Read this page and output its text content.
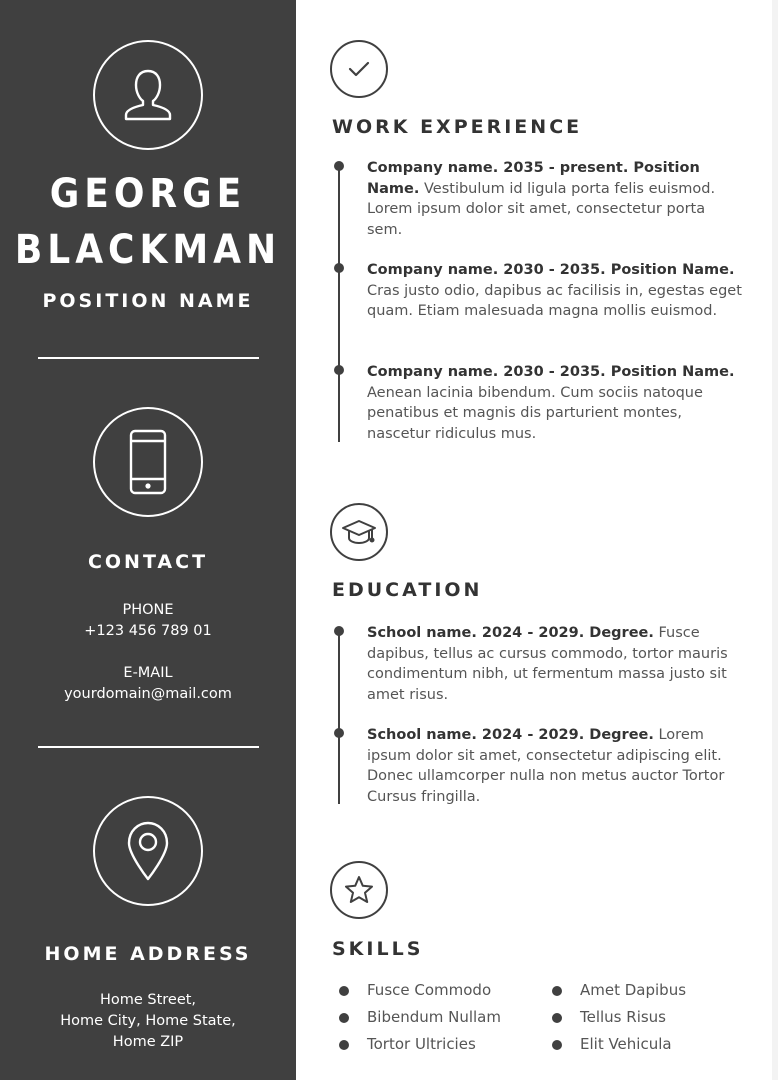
GEORGE
BLACKMAN
POSITION NAME
CONTACT
PHONE
+123 456 789 01
E-MAIL
yourdomain@mail.com
HOME ADDRESS
Home Street,
Home City, Home State,
Home ZIP
WORK EXPERIENCE
Company name. 2035 - present. Position Name. Vestibulum id ligula porta felis euismod. Lorem ipsum dolor sit amet, consectetur porta sem.
Company name. 2030 - 2035. Position Name. Cras justo odio, dapibus ac facilisis in, egestas eget quam. Etiam malesuada magna mollis euismod.
Company name. 2030 - 2035. Position Name. Aenean lacinia bibendum. Cum sociis natoque penatibus et magnis dis parturient montes, nascetur ridiculus mus.
EDUCATION
School name. 2024 - 2029. Degree. Fusce dapibus, tellus ac cursus commodo, tortor mauris condimentum nibh, ut fermentum massa justo sit amet risus.
School name. 2024 - 2029. Degree. Lorem ipsum dolor sit amet, consectetur adipiscing elit. Donec ullamcorper nulla non metus auctor Tortor Cursus fringilla.
SKILLS
Fusce Commodo	Amet Dapibus
Bibendum Nullam	Tellus Risus
Tortor Ultricies	Elit Vehicula
